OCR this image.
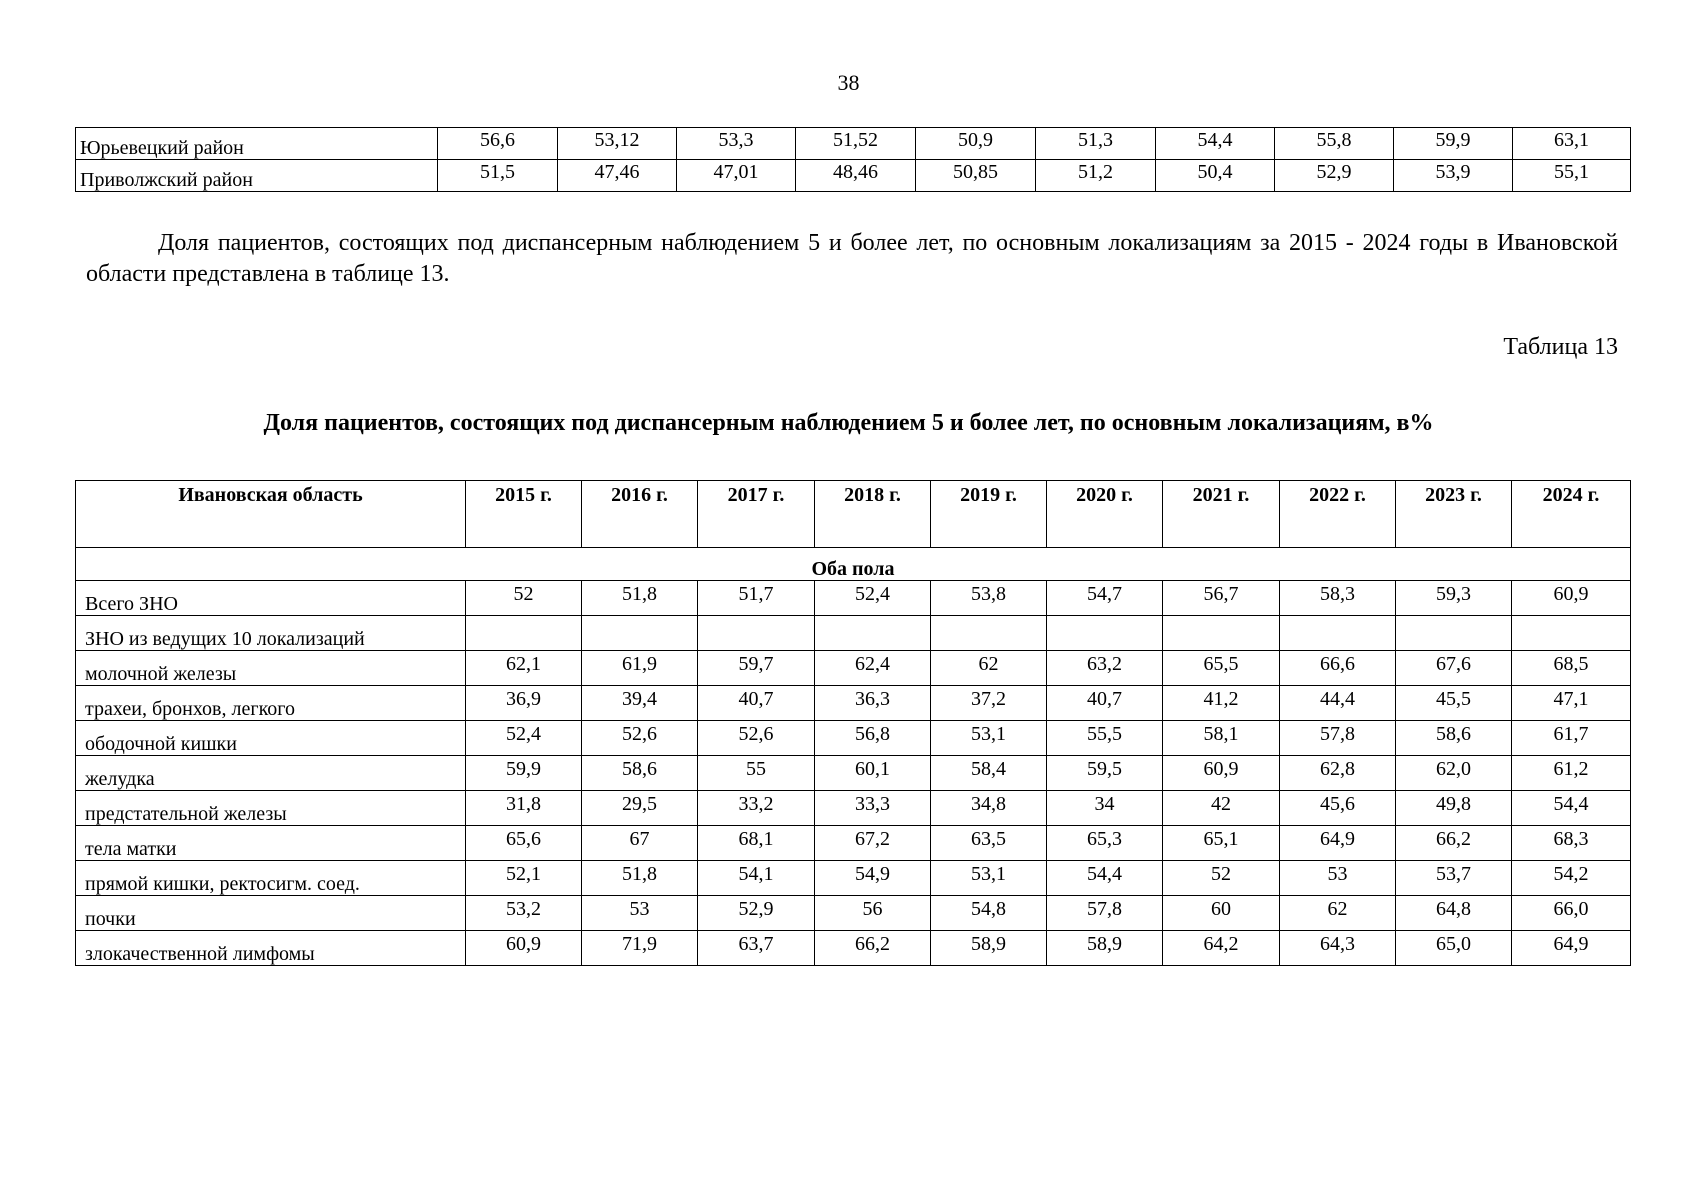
38
Юрьевецкий район	56,6	53,12	53,3	51,52	50,9	51,3	54,4	55,8	59,9	63,1
Приволжский район	51,5	47,46	47,01	48,46	50,85	51,2	50,4	52,9	53,9	55,1
Доля пациентов, состоящих под диспансерным наблюдением 5 и более лет, по основным локализациям за 2015 - 2024 годы в Ивановской области представлена в таблице 13.
Таблица 13
Доля пациентов, состоящих под диспансерным наблюдением 5 и более лет, по основным локализациям, в%
Ивановская область	2015 г.	2016 г.	2017 г.	2018 г.	2019 г.	2020 г.	2021 г.	2022 г.	2023 г.	2024 г.
Оба пола										
Всего ЗНО	52	51,8	51,7	52,4	53,8	54,7	56,7	58,3	59,3	60,9
ЗНО из ведущих 10 локализаций										
молочной железы	62,1	61,9	59,7	62,4	62	63,2	65,5	66,6	67,6	68,5
трахеи, бронхов, легкого	36,9	39,4	40,7	36,3	37,2	40,7	41,2	44,4	45,5	47,1
ободочной кишки	52,4	52,6	52,6	56,8	53,1	55,5	58,1	57,8	58,6	61,7
желудка	59,9	58,6	55	60,1	58,4	59,5	60,9	62,8	62,0	61,2
предстательной железы	31,8	29,5	33,2	33,3	34,8	34	42	45,6	49,8	54,4
тела матки	65,6	67	68,1	67,2	63,5	65,3	65,1	64,9	66,2	68,3
прямой кишки, ректосигм. соед.	52,1	51,8	54,1	54,9	53,1	54,4	52	53	53,7	54,2
почки	53,2	53	52,9	56	54,8	57,8	60	62	64,8	66,0
злокачественной лимфомы	60,9	71,9	63,7	66,2	58,9	58,9	64,2	64,3	65,0	64,9
